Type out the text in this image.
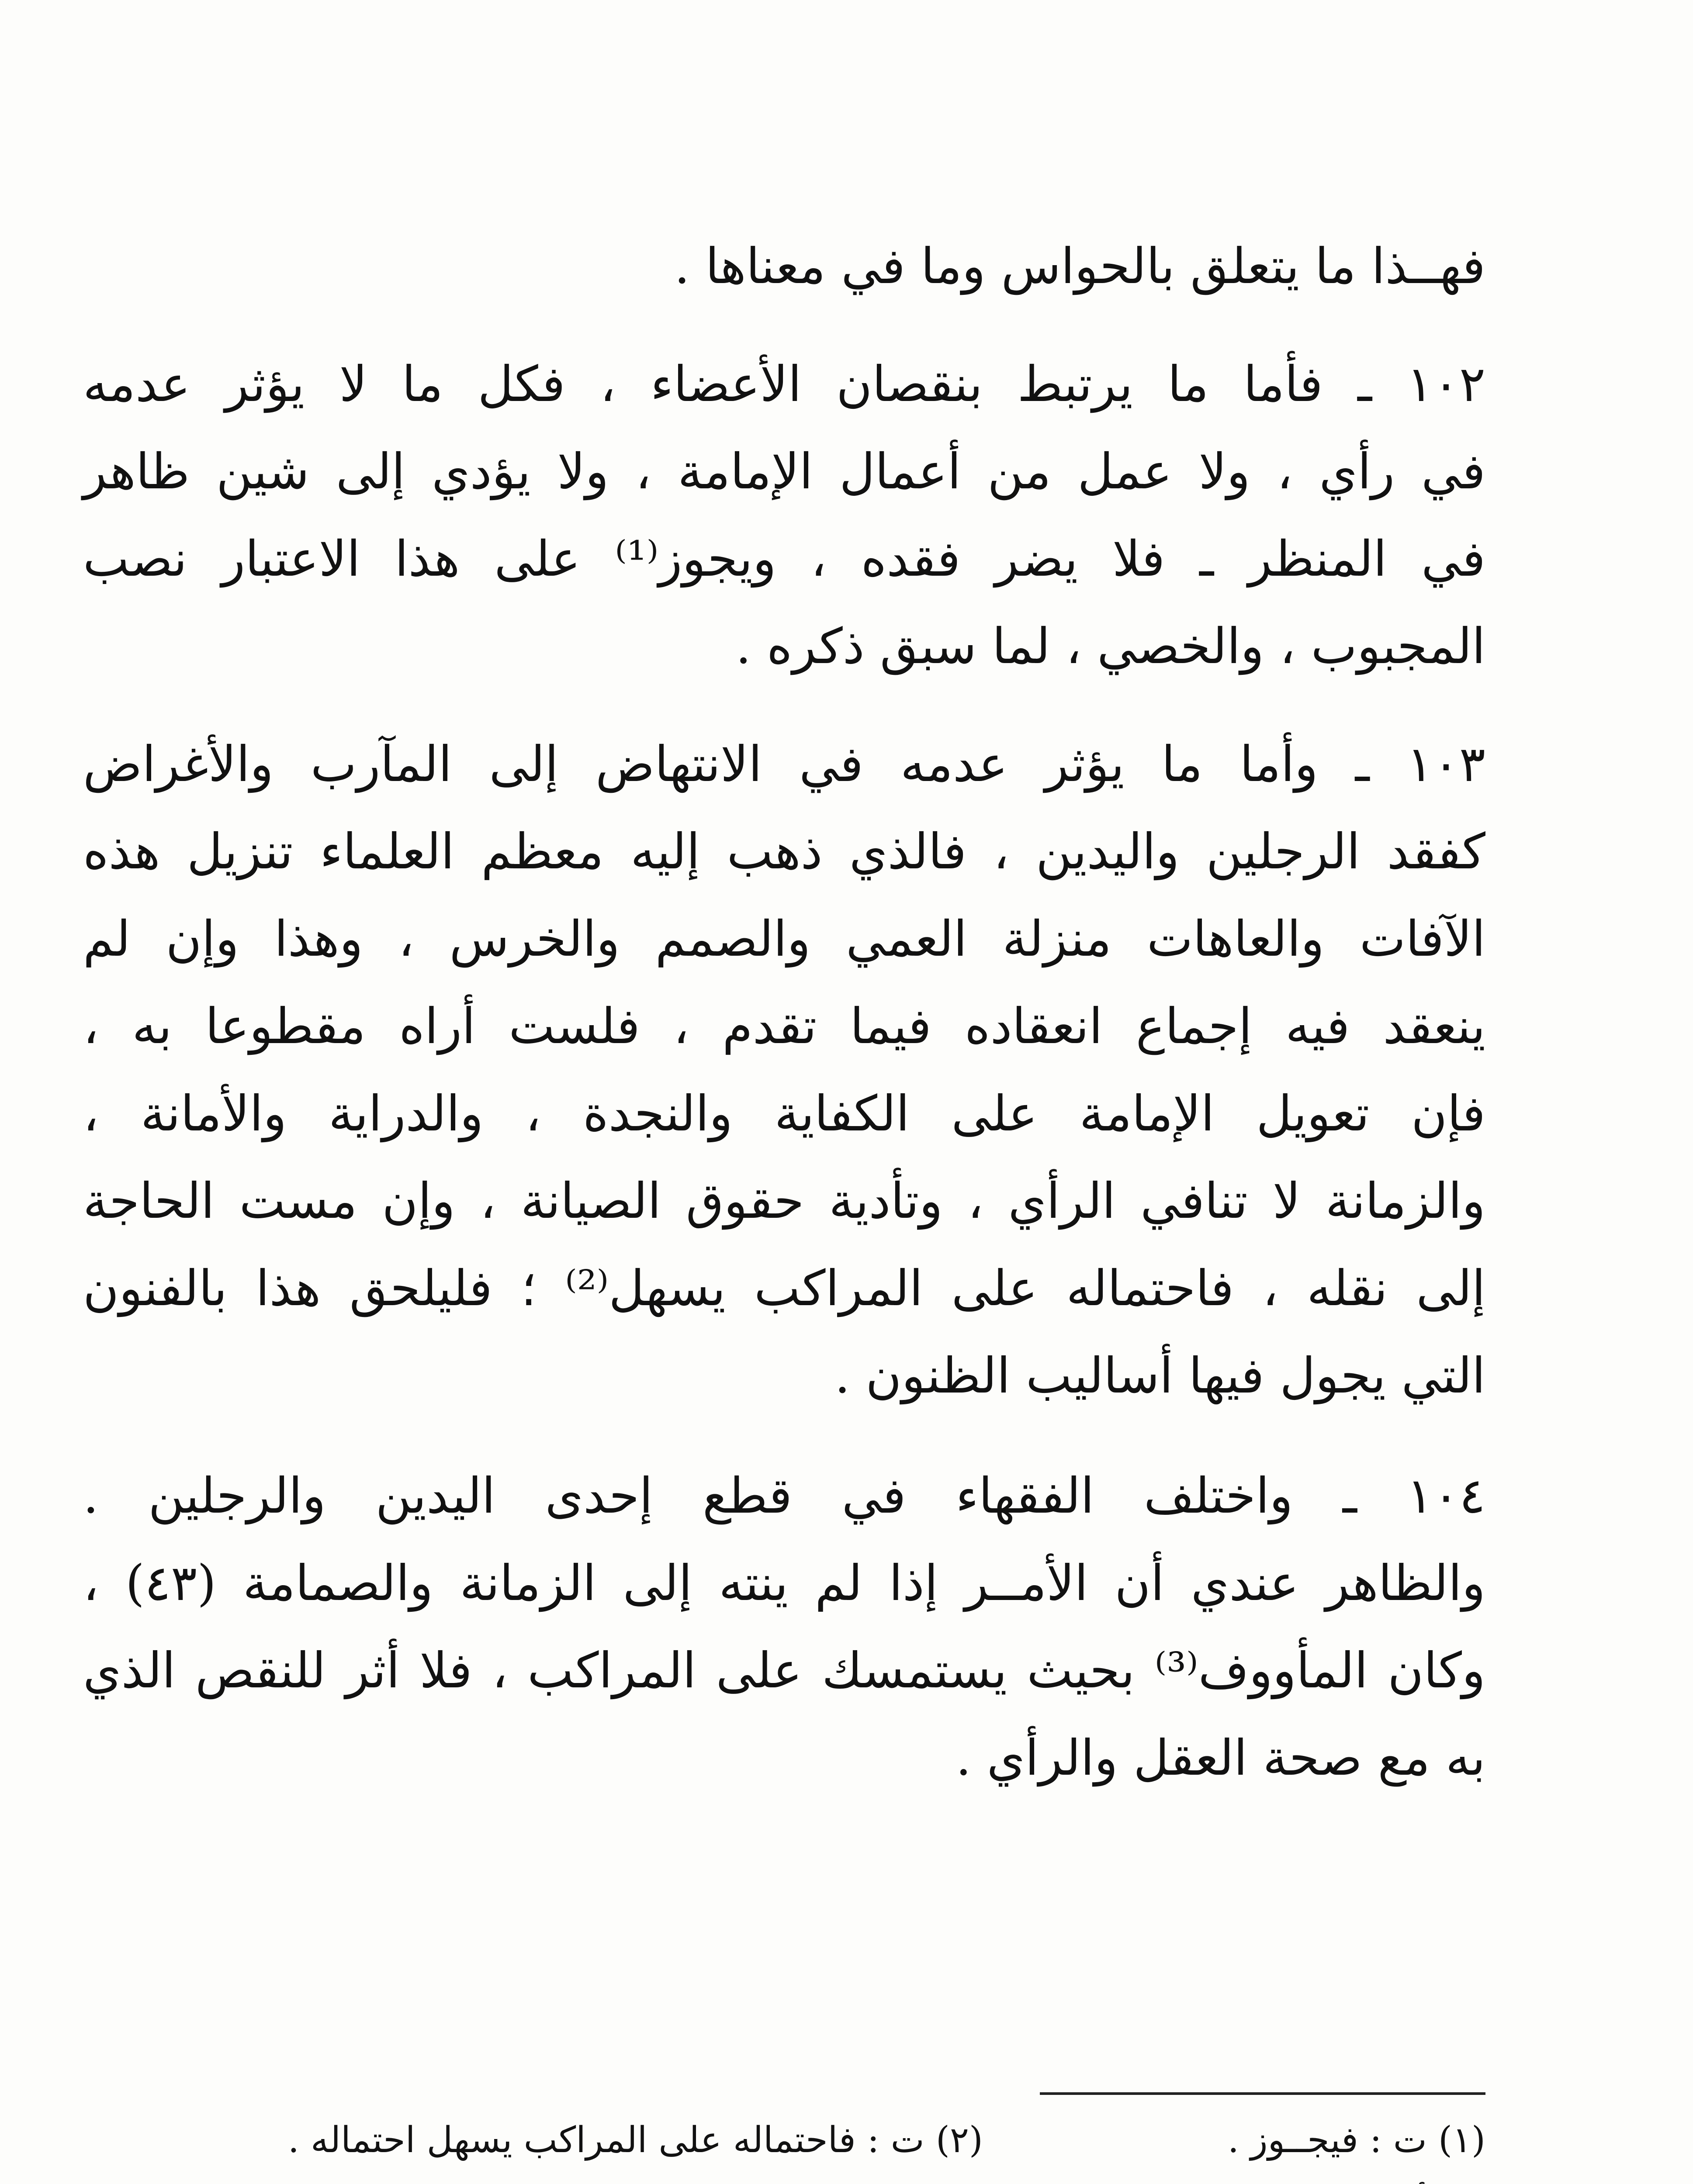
فهــذا ما يتعلق بالحواس وما في معناها .
١٠٢ ـ فأما ما يرتبط بنقصان الأعضاء ، فكل ما لا يؤثر عدمه
في رأي ، ولا عمل من أعمال الإمامة ، ولا يؤدي إلى شين ظاهر
في المنظر ـ فلا يضر فقده ، ويجوز⁽¹⁾ على هذا الاعتبار نصب
المجبوب ، والخصي ، لما سبق ذكره .
١٠٣ ـ وأما ما يؤثر عدمه في الانتهاض إلى المآرب والأغراض
كفقد الرجلين واليدين ، فالذي ذهب إليه معظم العلماء تنزيل هذه
الآفات والعاهات منزلة العمي والصمم والخرس ، وهذا وإن لم
ينعقد فيه إجماع انعقاده فيما تقدم ، فلست أراه مقطوعا به ،
فإن تعويل الإمامة على الكفاية والنجدة ، والدراية والأمانة ،
والزمانة لا تنافي الرأي ، وتأدية حقوق الصيانة ، وإن مست الحاجة
إلى نقله ، فاحتماله على المراكب يسهل⁽²⁾ ؛ فليلحق هذا بالفنون
التي يجول فيها أساليب الظنون .
١٠٤ ـ واختلف الفقهاء في قطع إحدى اليدين والرجلين .
والظاهر عندي أن الأمــر إذا لم ينته إلى الزمانة والصمامة (٤٣) ،
وكان المأووف⁽³⁾ بحيث يستمسك على المراكب ، فلا أثر للنقص الذي
به مع صحة العقل والرأي .
(١) ت : فيجــوز .(٢) ت : فاحتماله على المراكب يسهل احتماله .
